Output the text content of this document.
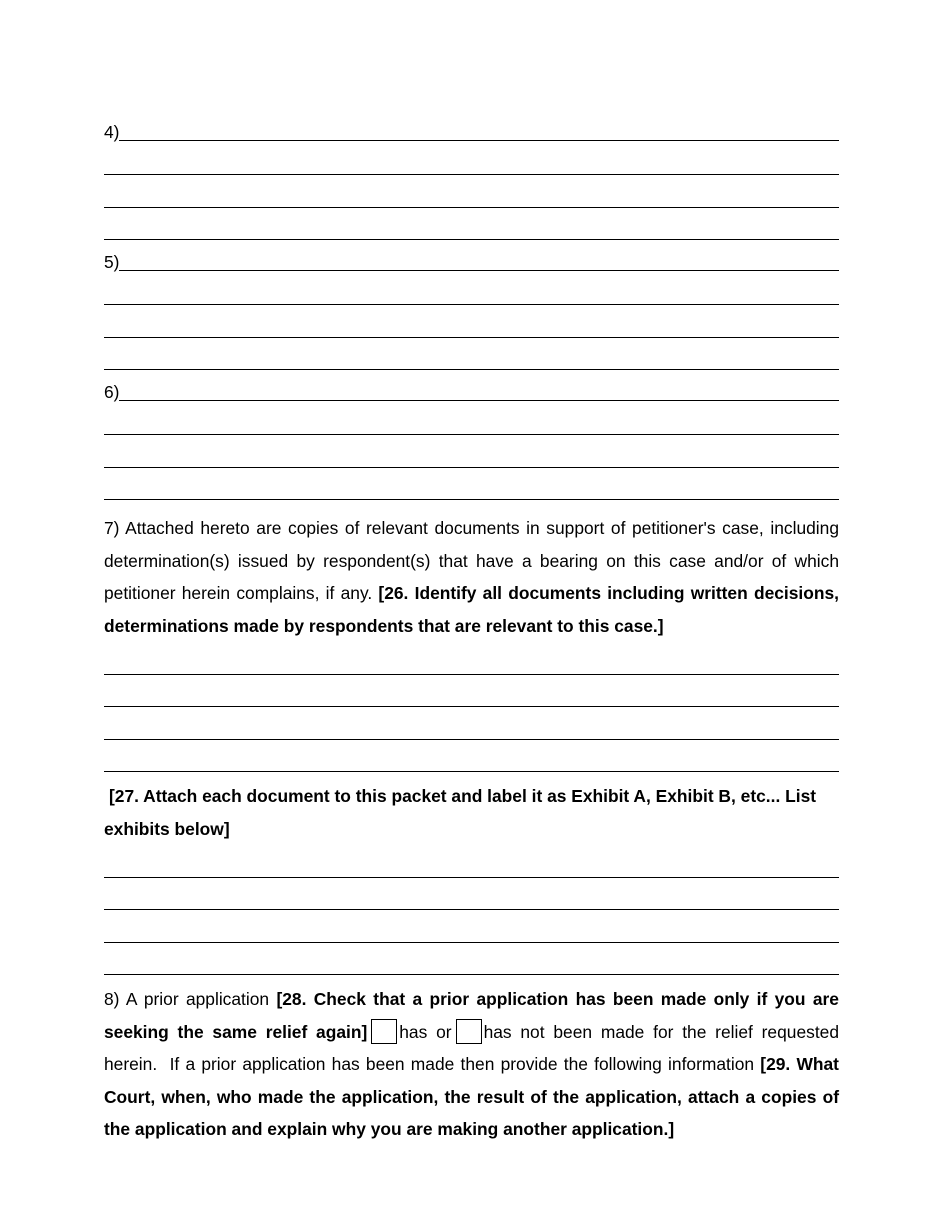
4)
5)
6)

7) Attached hereto are copies of relevant documents in support of petitioner's case, including determination(s) issued by respondent(s) that have a bearing on this case and/or of which petitioner herein complains, if any. [26. Identify all documents including written decisions, determinations made by respondents that are relevant to this case.]

[27. Attach each document to this packet and label it as Exhibit A, Exhibit B, etc... List exhibits below]

8) A prior application [28. Check that a prior application has been made only if you are seeking the same relief again] has or has not been made for the relief requested herein. If a prior application has been made then provide the following information [29. What Court, when, who made the application, the result of the application, attach a copies of the application and explain why you are making another application.]
